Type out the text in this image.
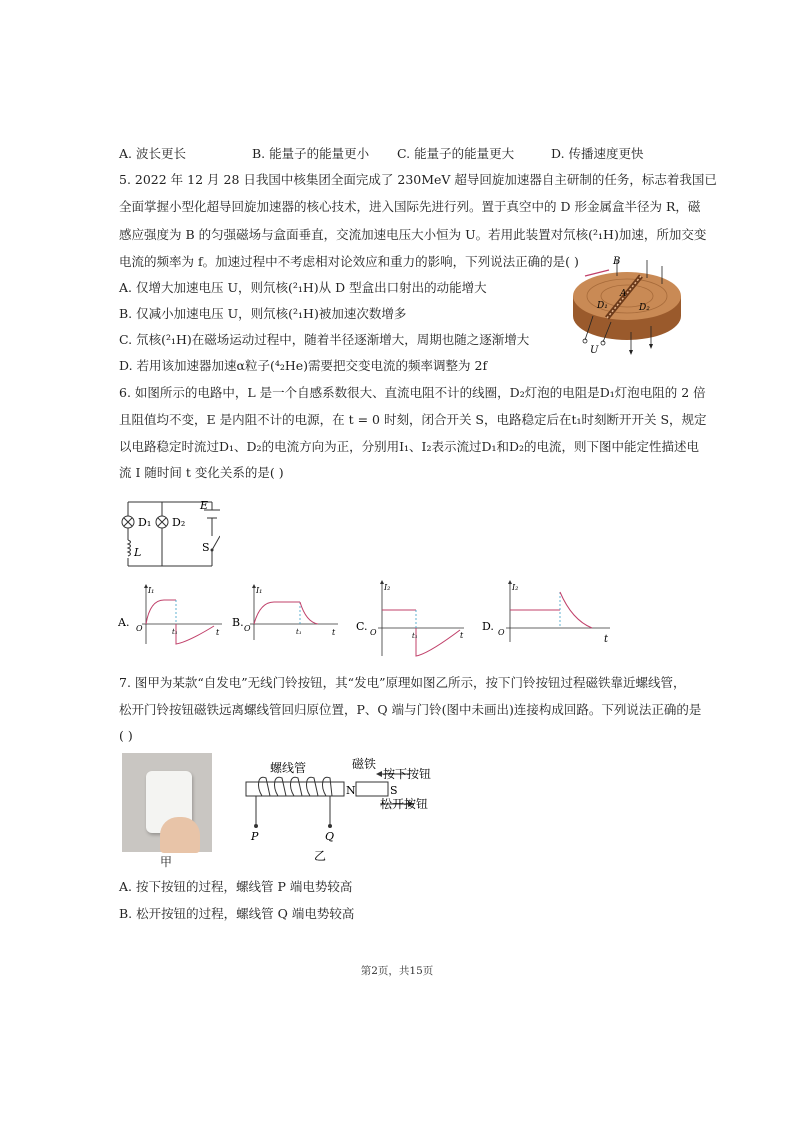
A. 波长更长	B. 能量子的能量更小 C. 能量子的能量更大	D. 传播速度更快
5. 2022 年 12 月 28 日我国中核集团全面完成了 230MeV 超导回旋加速器自主研制的任务，标志着我国已
全面掌握小型化超导回旋加速器的核心技术，进入国际先进行列。置于真空中的 D 形金属盒半径为 R，磁
感应强度为 B 的匀强磁场与盒面垂直，交流加速电压大小恒为 U。若用此装置对氘核(²₁H)加速，所加交变
电流的频率为 f。加速过程中不考虑相对论效应和重力的影响，下列说法正确的是( )
A. 仅增大加速电压 U，则氘核(²₁H)从 D 型盒出口射出的动能增大
B. 仅减小加速电压 U，则氘核(²₁H)被加速次数增多
C. 氘核(²₁H)在磁场运动过程中，随着半径逐渐增大，周期也随之逐渐增大
D. 若用该加速器加速α粒子(⁴₂He)需要把交变电流的频率调整为 2f
B
A
D₁	D₂
U
6. 如图所示的电路中，L 是一个自感系数很大、直流电阻不计的线圈，D₂灯泡的电阻是D₁灯泡电阻的 2 倍
且阻值均不变，E 是内阻不计的电源，在 t = 0 时刻，闭合开关 S，电路稳定后在t₁时刻断开开关 S，规定
以电路稳定时流过D₁、D₂的电流方向为正，分别用I₁、I₂表示流过D₁和D₂的电流，则下图中能定性描述电
流 I 随时间 t 变化关系的是( )
D₁ D₂
E
S
L
A.
I₁
O	t₁	t
B.
I₁
O	t₁	t C.
I₂
O	t₁	t
D.
I₂
O
t
7. 图甲为某款“自发电”无线门铃按钮，其“发电”原理如图乙所示，按下门铃按钮过程磁铁靠近螺线管，
松开门铃按钮磁铁远离螺线管回归原位置，P、Q 端与门铃(图中未画出)连接构成回路。下列说法正确的是
( )
甲
螺线管	磁铁
按下按钮
松开按钮
N	S
P	Q
乙
A. 按下按钮的过程，螺线管 P 端电势较高
B. 松开按钮的过程，螺线管 Q 端电势较高
第2页，共15页
